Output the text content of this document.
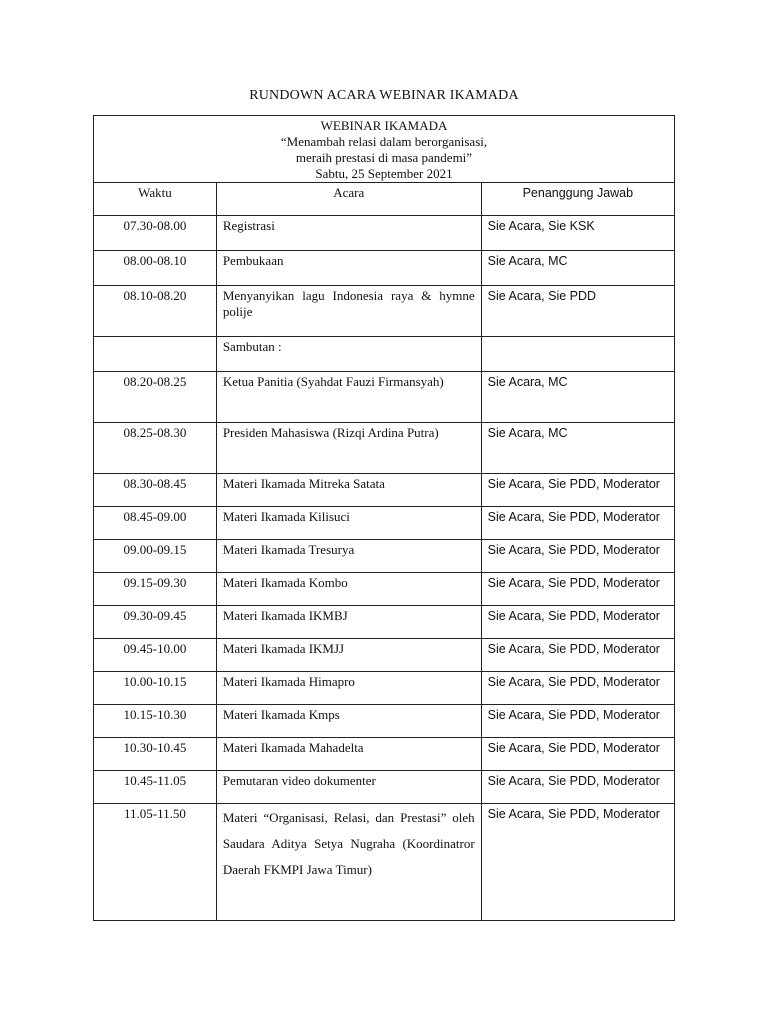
RUNDOWN ACARA WEBINAR IKAMADA
WEBINAR IKAMADA
“Menambah relasi dalam berorganisasi,
meraih prestasi di masa pandemi”
Sabtu, 25 September 2021		

Waktu	Acara	Penanggung Jawab
07.30-08.00	Registrasi	Sie Acara, Sie KSK
08.00-08.10	Pembukaan	Sie Acara, MC
08.10-08.20	Menyanyikan lagu Indonesia raya & hymne polije	Sie Acara, Sie PDD
	Sambutan :	
08.20-08.25	Ketua Panitia (Syahdat Fauzi Firmansyah)	Sie Acara, MC
08.25-08.30	Presiden Mahasiswa (Rizqi Ardina Putra)	Sie Acara, MC
08.30-08.45	Materi Ikamada Mitreka Satata	Sie Acara, Sie PDD, Moderator
08.45-09.00	Materi Ikamada Kilisuci	Sie Acara, Sie PDD, Moderator
09.00-09.15	Materi Ikamada Tresurya	Sie Acara, Sie PDD, Moderator
09.15-09.30	Materi Ikamada Kombo	Sie Acara, Sie PDD, Moderator
09.30-09.45	Materi Ikamada IKMBJ	Sie Acara, Sie PDD, Moderator
09.45-10.00	Materi Ikamada IKMJJ	Sie Acara, Sie PDD, Moderator
10.00-10.15	Materi Ikamada Himapro	Sie Acara, Sie PDD, Moderator
10.15-10.30	Materi Ikamada Kmps	Sie Acara, Sie PDD, Moderator
10.30-10.45	Materi Ikamada Mahadelta	Sie Acara, Sie PDD, Moderator
10.45-11.05	Pemutaran video dokumenter	Sie Acara, Sie PDD, Moderator
11.05-11.50	Materi “Organisasi, Relasi, dan Prestasi” oleh Saudara Aditya Setya Nugraha (Koordinatror Daerah FKMPI Jawa Timur)	Sie Acara, Sie PDD, Moderator
